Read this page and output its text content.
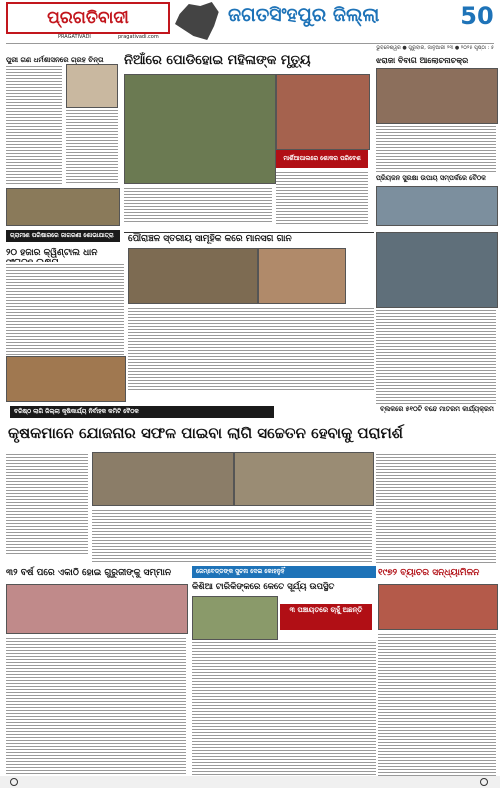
ପ୍ରଗତିବାଦୀ
PRAGATIVADI	pragativadi.com
ଜଗତସିଂହପୁର ଜିଲ୍ଲା	50
ଭୁବନେଶ୍ୱର ● ଗୁରୁବାର, ଜାନୁଆରୀ ୨୩ ● ୨୦୨୫ ପୃଷ୍ଠା : ୫
ପୁରୀ ଗଣ ଧର୍ମଶାସନରେ ଗ୍ରହ ଚିନ୍ତା	ନିଆଁରେ ପୋଡିହୋଇ ମହିଳାଙ୍କ ମୃତ୍ୟୁ
ମାର୍ଶିଆପାଲରେ ଶୋକର ପରିବେଶ
ଝରାଜା ବିବାଗ ଆଲୋଚନାଚକ୍ର
ପ୍ରିୟଜନ ସୁରକ୍ଷା ଉପାୟ ସମ୍ପର୍କରେ ବୈଠକ
ଗ୍ରାମୀଣ ପରିଷାରରେ ଜାଗରଣୀ ଶୋଭାଯାତ୍ରା
୨୦ ହଜାର କ୍ୱିଣ୍ଟାଲ ଧାନ
ପୌରାଞ୍ଚଳ ସ୍ତରୀୟ ସାମୂହିକ କରେ ମାନସଗ ଗାନ
ବରିଷ୍ଠ ଲାଗି ଜିଲ୍ଲା କୃଷିକାର୍ଯ୍ୟ ନିର୍ବାହକ କମିଟି ବୈଠକ	ବ୍ଲକରେ ୫୧୦ଟି ବନ୍ଦେ ମାତରମ କାର୍ଯ୍ୟକ୍ରମ
କୃଷକମାନେ ଯୋଜନାର ସଫଳ ପାଇବା ଲାଗି ସଚ୍ଚେତନ ହେବାକୁ ପରାମର୍ଶ
୩୨ ବର୍ଷ ପରେ ଏକାଠି ହୋଇ ଗୁରୁଜୀଙ୍କୁ ସମ୍ମାନ	ଜେମ୍‌ବେଡ୍ଡଙ୍କ ସୁଚନା ଦେଇ କୋହନୁହିଁ
କିଶିଆ ଟାରିକିଙ୍କରେ କେତେ ସୂର୍ଯ୍ୟ ଉପସ୍ଥିତ
୧୯୭୨ ବ୍ୟାଚର ସନ୍ଧ୍ୟାମିଳନ
୩ ପଞ୍ଚାୟତରେ ଚାହୁଁ ଅଛନ୍ତି
